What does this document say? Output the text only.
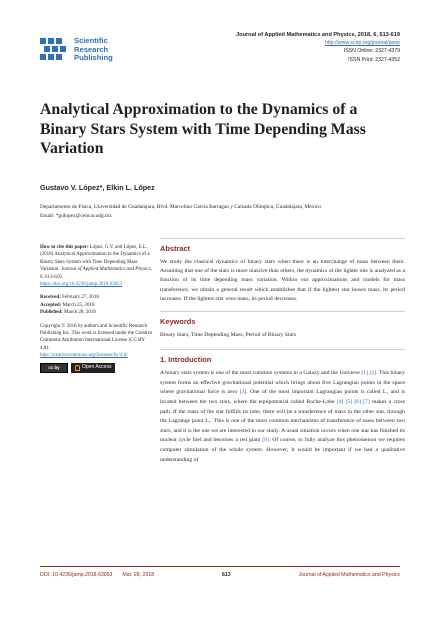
Scientific
Research
Publishing
Journal of Applied Mathematics and Physics, 2018, 6, 613-619
http://www.scirp.org/journal/jamp
ISSN Online: 2327-4379
ISSN Print: 2327-4352
Analytical Approximation to the Dynamics of a Binary Stars System with Time Depending Mass Variation
Gustavo V. López*, Elkin L. López
Departamento de Física, Universidad de Guadalajara, Blvd. Marcelino García Barragan y Calzada Olímpica, Guadalajara, Mexico
Email: *gulopez@cencar.udg.mx
How to cite this paper: López, G.V. and López, E.L. (2018) Analytical Approximation to the Dynamics of a Binary Stars System with Time Depending Mass Variation. Journal of Applied Mathematics and Physics, 6, 613-619.
https://doi.org/10.4236/jamp.2018.63053
Received: February 27, 2018
Accepted: March 25, 2018
Published: March 28, 2018
Copyright © 2018 by authors and Scientific Research Publishing Inc. This work is licensed under the Creative Commons Attribution International License (CC BY 4.0).
http://creativecommons.org/licenses/by/4.0/
cc by	Open Access
Abstract
We study the classical dynamics of binary stars when there is an interchange of mass between them. Assuming that one of the stars is more massive than others, the dynamics of the lighter one is analyzed as a function of its time depending mass variation. Within our approximations and models for mass transference, we obtain a general result which establishes that if the lightest star looses mass, its period increases. If the lightest star wins mass, its period decreases.
Keywords
Binary Stars, Time Depending Mass, Period of Binary Stars
1. Introduction
A binary stars system is one of the most common systems in a Galaxy and the Universe [1] [2]. This binary system forms an effective gravitational potential which brings about five Lagrangian points in the space where gravitational force is zero [3]. One of the most important Lagrangian points is called L₁ and is located between the two stars, where the equipotential called Roche-Lobe [4] [5] [6] [7] makes a cross path. If the mass of the star fulfills its lobe, there will be a transference of mass to the other star, through the Lagrange point L₁. This is one of the most common mechanisms of transference of mass between two stars, and it is the one we are interested in our study. A usual situation occurs when one star has finished its nuclear cycle fuel and becomes a red giant [8]. Of course, to fully analyze this phenomenon we requires computer simulation of the whole system. However, it would be important if we had a qualitative understanding of
DOI: 10.4236/jamp.2018.63053 Mar. 28, 2018	613	Journal of Applied Mathematics and Physics
